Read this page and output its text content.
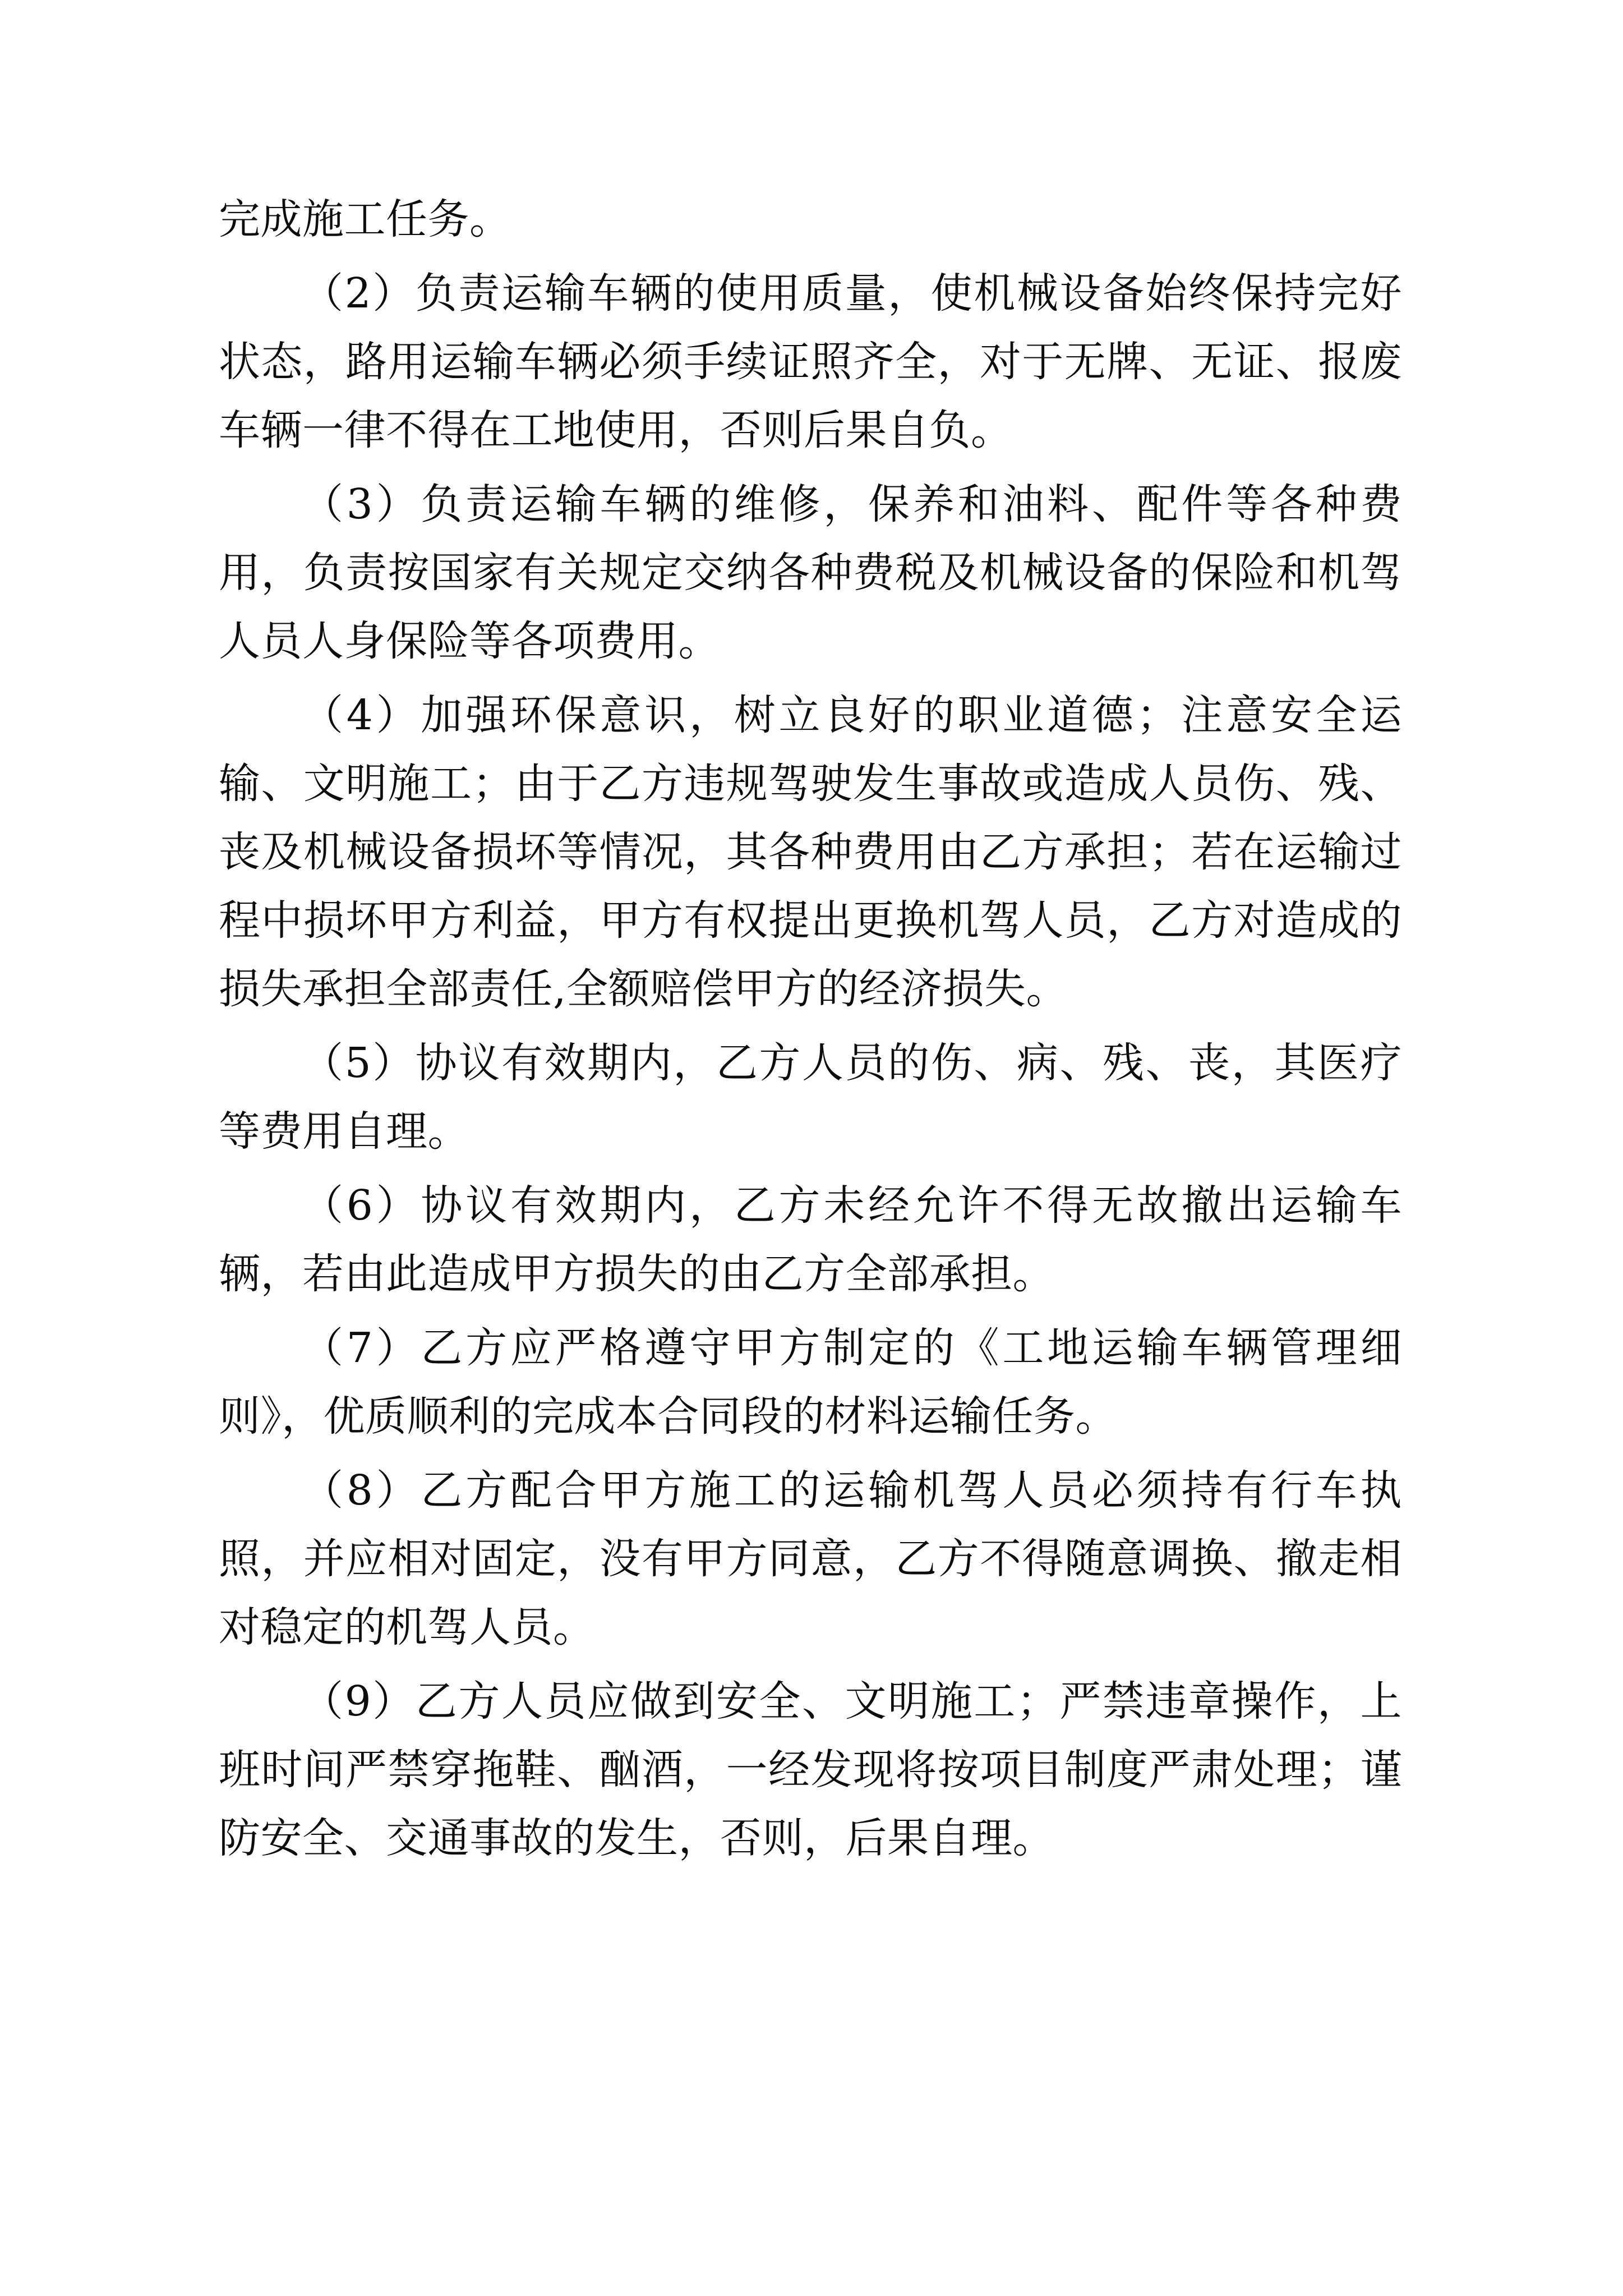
完成施工任务。

（2）负责运输车辆的使用质量，使机械设备始终保持完好状态，路用运输车辆必须手续证照齐全，对于无牌、无证、报废车辆一律不得在工地使用，否则后果自负。

（3）负责运输车辆的维修，保养和油料、配件等各种费用，负责按国家有关规定交纳各种费税及机械设备的保险和机驾人员人身保险等各项费用。

（4）加强环保意识，树立良好的职业道德；注意安全运输、文明施工；由于乙方违规驾驶发生事故或造成人员伤、残、丧及机械设备损坏等情况，其各种费用由乙方承担；若在运输过程中损坏甲方利益，甲方有权提出更换机驾人员，乙方对造成的损失承担全部责任,全额赔偿甲方的经济损失。

（5）协议有效期内，乙方人员的伤、病、残、丧，其医疗等费用自理。

（6）协议有效期内，乙方未经允许不得无故撤出运输车辆，若由此造成甲方损失的由乙方全部承担。

（7）乙方应严格遵守甲方制定的《工地运输车辆管理细则》，优质顺利的完成本合同段的材料运输任务。

（8）乙方配合甲方施工的运输机驾人员必须持有行车执照，并应相对固定，没有甲方同意，乙方不得随意调换、撤走相对稳定的机驾人员。

（9）乙方人员应做到安全、文明施工；严禁违章操作，上班时间严禁穿拖鞋、酗酒，一经发现将按项目制度严肃处理；谨防安全、交通事故的发生，否则，后果自理。
